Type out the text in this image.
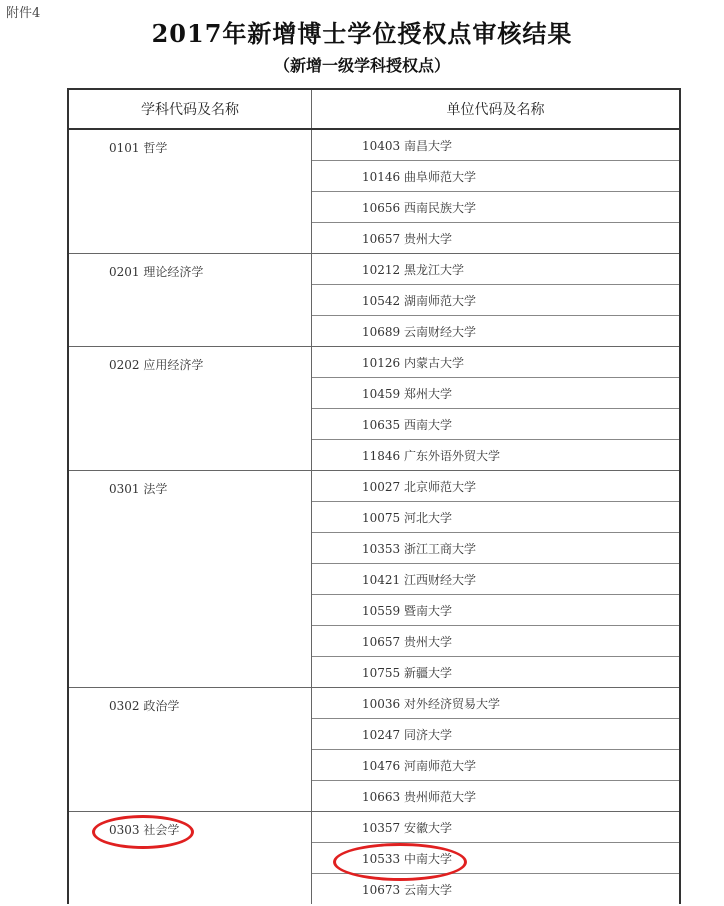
附件4
2017年新增博士学位授权点审核结果
（新增一级学科授权点）
学科代码及名称	单位代码及名称
0101 哲学	10403 南昌大学
10146 曲阜师范大学
10656 西南民族大学
10657 贵州大学
0201 理论经济学	10212 黑龙江大学
10542 湖南师范大学
10689 云南财经大学
0202 应用经济学	10126 内蒙古大学
10459 郑州大学
10635 西南大学
11846 广东外语外贸大学
0301 法学	10027 北京师范大学
10075 河北大学
10353 浙江工商大学
10421 江西财经大学
10559 暨南大学
10657 贵州大学
10755 新疆大学
0302 政治学	10036 对外经济贸易大学
10247 同济大学
10476 河南师范大学
10663 贵州师范大学
0303 社会学	10357 安徽大学
10533 中南大学
10673 云南大学
